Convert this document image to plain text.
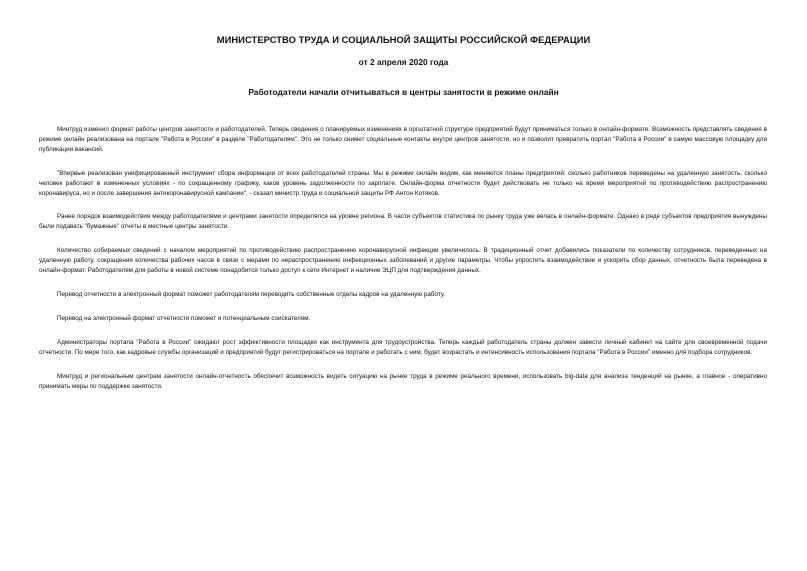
МИНИСТЕРСТВО ТРУДА И СОЦИАЛЬНОЙ ЗАЩИТЫ РОССИЙСКОЙ ФЕДЕРАЦИИ
от 2 апреля 2020 года
Работодатели начали отчитываться в центры занятости в режиме онлайн

Минтруд изменил формат работы центров занятости и работодателей. Теперь сведения о планируемых изменениях в оргштатной структуре предприятий будут приниматься только в онлайн-формате. Возможность представлять сведения в режиме онлайн реализована на портале "Работа в России" в разделе "Работодателям". Это не только снимет социальные контакты внутри центров занятости, но и позволит превратить портал "Работа в России" в самую массовую площадку для публикации вакансий.

"Впервые реализован унифицированный инструмент сбора информации от всех работодателей страны. Мы в режиме онлайн видим, как меняются планы предприятий: сколько работников переведены на удаленную занятость, сколько человек работают в измененных условиях - по сокращенному графику, каков уровень задолженности по зарплате. Онлайн-форма отчетности будет действовать не только на время мероприятий по противодействию распространению коронавируса, но и после завершения антикоронавирусной кампании", - сказал министр труда и социальной защиты РФ Антон Котяков.

Ранее порядок взаимодействия между работодателями и центрами занятости определялся на уровне региона. В части субъектов статистика по рынку труда уже велась в онлайн-формате. Однако в ряде субъектов предприятия вынуждены были подавать "бумажные" отчеты в местные центры занятости.

Количество собираемых сведений с началом мероприятий по противодействию распространению коронавирусной инфекции увеличилось. В традиционный отчет добавились показатели по количеству сотрудников, переведенных на удаленную работу, сокращения количества рабочих часов в связи с мерами по нераспространению инфекционных заболеваний и другие параметры. Чтобы упростить взаимодействие и ускорить сбор данных, отчетность была переведена в онлайн-формат. Работодателям для работы в новой системе понадобится только доступ к сети Интернет и наличие ЭЦП для подтверждения данных.

Перевод отчетности в электронный формат поможет работодателям переводить собственные отделы кадров на удаленную работу.

Перевод на электронный формат отчетности поможет и потенциальным соискателям.

Администраторы портала "Работа в России" ожидают рост эффективности площадки как инструмента для трудоустройства. Теперь каждый работодатель страны должен завести личный кабинет на сайте для своевременной подачи отчетности. По мере того, как кадровые службы организаций и предприятий будут регистрироваться на портале и работать с ним, будет возрастать и интенсивность использования портала "Работа в России" именно для подбора сотрудников.

Минтруд и региональным центрам занятости онлайн-отчетность обеспечит возможность видеть ситуацию на рынке труда в режиме реального времени, использовать big-data для анализа тенденций на рынке, а главное - оперативно принимать меры по поддержке занятости.
